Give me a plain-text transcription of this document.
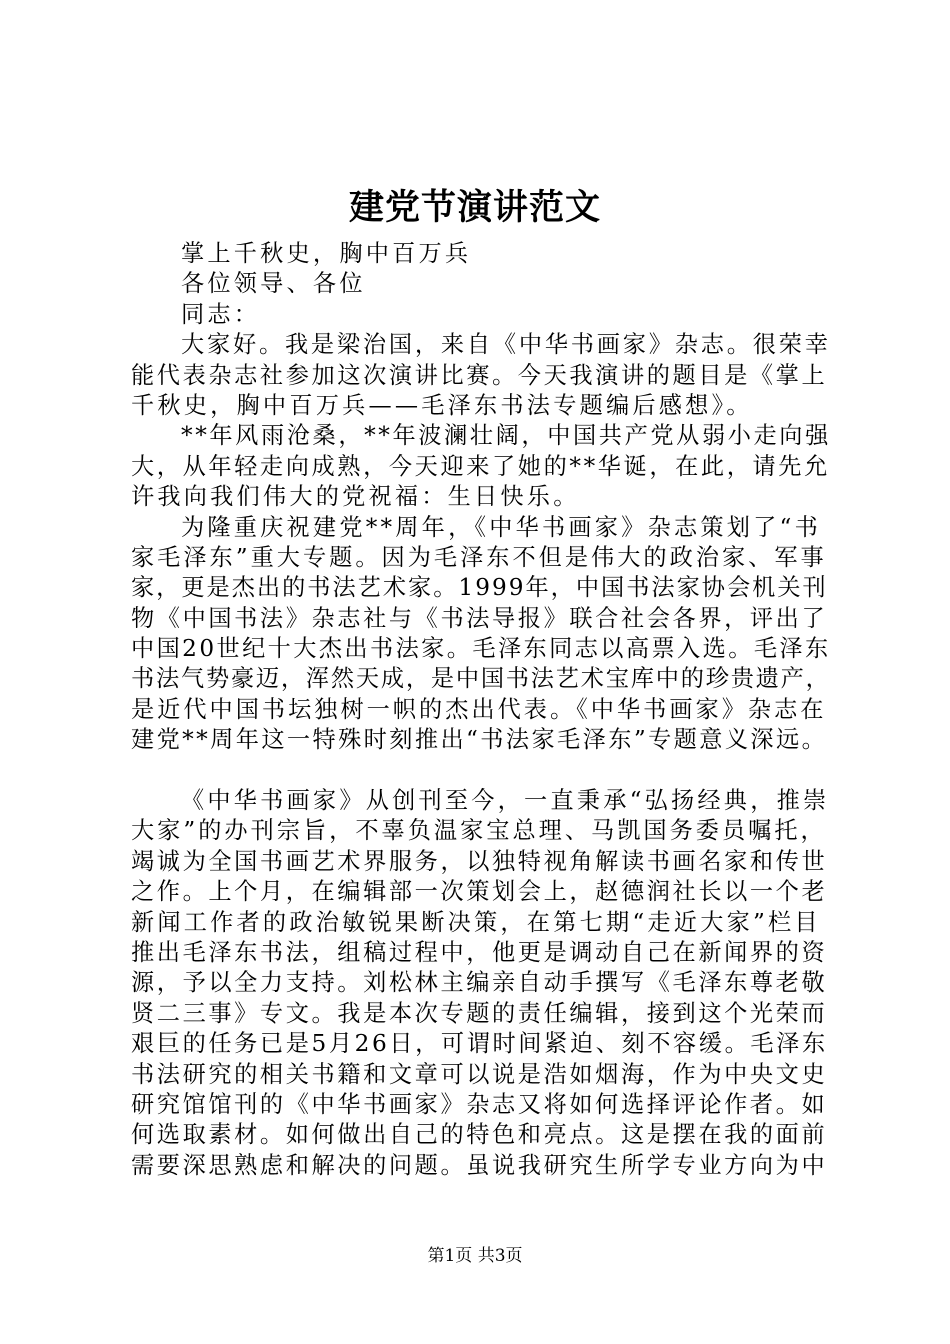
建党节演讲范文
掌上千秋史，胸中百万兵
各位领导、各位
同志：
大家好。我是梁治国，来自《中华书画家》杂志。很荣幸
能代表杂志社参加这次演讲比赛。今天我演讲的题目是《掌上
千秋史，胸中百万兵——毛泽东书法专题编后感想》。
**年风雨沧桑，**年波澜壮阔，中国共产党从弱小走向强
大，从年轻走向成熟，今天迎来了她的**华诞，在此，请先允
许我向我们伟大的党祝福：生日快乐。
为隆重庆祝建党**周年，《中华书画家》杂志策划了“书
家毛泽东”重大专题。因为毛泽东不但是伟大的政治家、军事
家，更是杰出的书法艺术家。1999年，中国书法家协会机关刊
物《中国书法》杂志社与《书法导报》联合社会各界，评出了
中国20世纪十大杰出书法家。毛泽东同志以高票入选。毛泽东
书法气势豪迈，浑然天成，是中国书法艺术宝库中的珍贵遗产，
是近代中国书坛独树一帜的杰出代表。《中华书画家》杂志在
建党**周年这一特殊时刻推出“书法家毛泽东”专题意义深远。
《中华书画家》从创刊至今，一直秉承“弘扬经典，推崇
大家”的办刊宗旨，不辜负温家宝总理、马凯国务委员嘱托，
竭诚为全国书画艺术界服务，以独特视角解读书画名家和传世
之作。上个月，在编辑部一次策划会上，赵德润社长以一个老
新闻工作者的政治敏锐果断决策，在第七期“走近大家”栏目
推出毛泽东书法，组稿过程中，他更是调动自己在新闻界的资
源，予以全力支持。刘松林主编亲自动手撰写《毛泽东尊老敬
贤二三事》专文。我是本次专题的责任编辑，接到这个光荣而
艰巨的任务已是5月26日，可谓时间紧迫、刻不容缓。毛泽东
书法研究的相关书籍和文章可以说是浩如烟海，作为中央文史
研究馆馆刊的《中华书画家》杂志又将如何选择评论作者。如
何选取素材。如何做出自己的特色和亮点。这是摆在我的面前
需要深思熟虑和解决的问题。虽说我研究生所学专业方向为中
第1页 共3页
